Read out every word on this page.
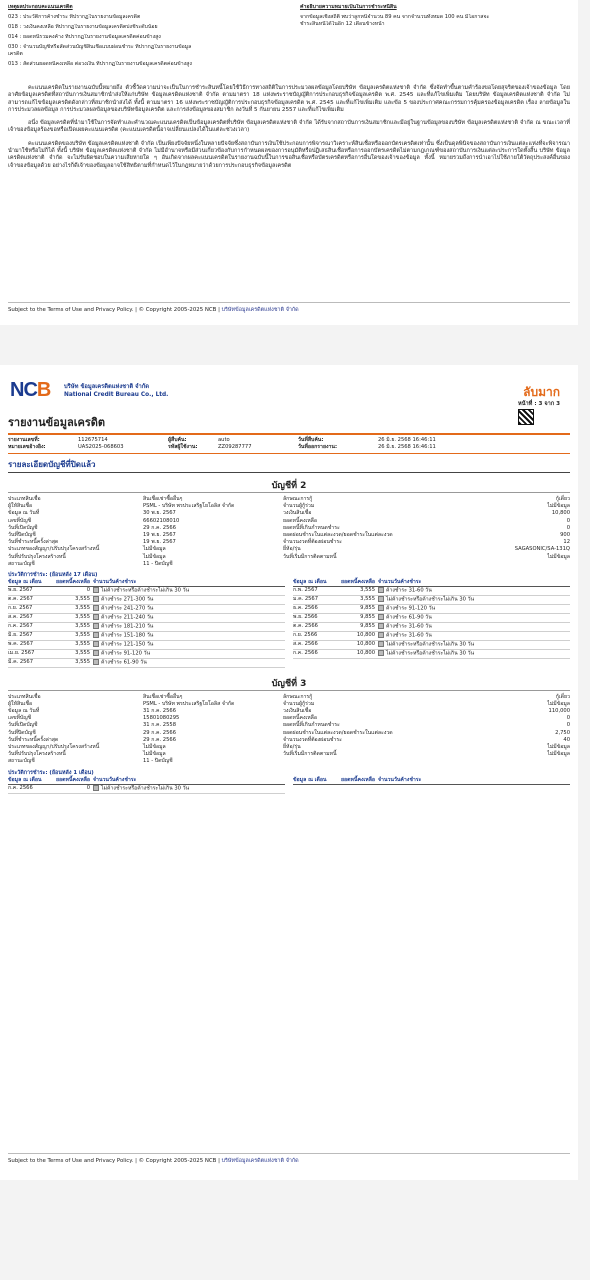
เหตุผลประกอบคะแนนเครดิต
023 : ประวัติการค้างชำระ ที่ปรากฏในรายงานข้อมูลเครดิต
018 : วงเงินคงเหลือ ที่ปรากฏในรายงานข้อมูลเครดิตบ่งชี้ระดับน้อย
014 : ยอดหนี้รวมคงค้าง ที่ปรากฏในรายงานข้อมูลเครดิตค่อนข้างสูง
030 : จำนวนบัญชีหรือสัดส่วนบัญชีสินเชื่อแบบผ่อนชำระ ที่ปรากฏในรายงานข้อมูล
เครดิต
013 : สัดส่วนยอดหนี้คงเหลือ ต่อวงเงิน ที่ปรากฏในรายงานข้อมูลเครดิตค่อนข้างสูง
คำอธิบายความหมายเป็นในการชำระหนี้สิน
จากข้อมูลเชิงสถิติ พบว่าลูกหนี้จำนวน 89 คน จากจำนวนทั้งหมด 100 คน มีโอกาสจะ
ชำระสินหนี้ได้ในอีก 12 เดือนข้างหน้า
คะแนนเครดิตในรายงานฉบับนี้หมายถึง ตัวชี้วัดความน่าจะเป็นในการชำระสินหนี้โดยใช้วิธีการทางสถิติในการประมวลผลข้อมูลโดยบริษัท ข้อมูลเครดิตแห่งชาติ จำกัด ซึ่งจัดทำขึ้นตามคำร้องขอโดยสุจริตของเจ้าของข้อมูล โดยอาศัยข้อมูลเครดิตที่สถาบันการเงินสมาชิกนำส่งให้แก่บริษัท ข้อมูลเครดิตแห่งชาติ จำกัด ตามมาตรา 18 แห่งพระราชบัญญัติการประกอบธุรกิจข้อมูลเครดิต พ.ศ. 2545 และที่แก้ไขเพิ่มเติม โดยบริษัท ข้อมูลเครดิตแห่งชาติ จำกัด ไม่สามารถแก้ไขข้อมูลเครดิตดังกล่าวที่สมาชิกนำส่งได้ ทั้งนี้ ตามมาตรา 16 แห่งพระราชบัญญัติการประกอบธุรกิจข้อมูลเครดิต พ.ศ. 2545 และที่แก้ไขเพิ่มเติม และข้อ 5 ของประกาศคณะกรรมการคุ้มครองข้อมูลเครดิต เรื่อง ลายข้อมูลในการประมวลผลข้อมูล การประมวลผลข้อมูลของบริษัทข้อมูลเครดิต และการส่งข้อมูลของสมาชิก ลงวันที่ 5 กันยายน 2557 และที่แก้ไขเพิ่มเติม
อนึ่ง ข้อมูลเครดิตที่นำมาใช้ในการจัดทำและคำนวณคะแนนเครดิตเป็นข้อมูลเครดิตที่บริษัท ข้อมูลเครดิตแห่งชาติ จำกัด ได้รับจากสถาบันการเงินสมาชิกและมีอยู่ในฐานข้อมูลของบริษัท ข้อมูลเครดิตแห่งชาติ จำกัด ณ ขณะเวลาที่เจ้าของข้อมูลร้องขอหรือเปิดเผยคะแนนเครดิต (คะแนนเครดิตนี้อาจเปลี่ยนแปลงได้ในแต่ละช่วงเวลา)
คะแนนเครดิตของบริษัท ข้อมูลเครดิตแห่งชาติ จำกัด เป็นเพียงปัจจัยหนึ่งในหลายปัจจัยซึ่งสถาบันการเงินใช้ประกอบการพิจารณาวิเคราะห์สินเชื่อหรือออกบัตรเครดิตเท่านั้น ซึ่งเป็นดุลพินิจของสถาบันการเงินแต่ละแห่งที่จะพิจารณานำมาใช้หรือไม่ก็ได้ ทั้งนี้ บริษัท ข้อมูลเครดิตแห่งชาติ จำกัด ไม่มีอำนาจหรือมีส่วนเกี่ยวข้องกับการกำหนดผลของการอนุมัติหรือปฏิเสธสินเชื่อหรือการออกบัตรเครดิตไม่ตามกฎเกณฑ์ของสถาบันการเงินแต่ละประการใดทั้งสิ้น บริษัท ข้อมูลเครดิตแห่งชาติ จำกัด จะไม่รับผิดชอบในความเสียหายใด ๆ อันเกิดจากผลคะแนนเครดิตในรายงานฉบับนี้ในการขอสินเชื่อหรือบัตรเครดิตหรือการอื่นใดของเจ้าของข้อมูล ทั้งนี้ หมายรวมถึงการนำเอาไปใช้ภายใต้วัตถุประสงค์อื่นของเจ้าของข้อมูลด้วย อย่างไรก็ดีเจ้าของข้อมูลอาจใช้สิทธิตามที่กำหนดไว้ในกฎหมายว่าด้วยการประกอบธุรกิจข้อมูลเครดิต
Subject to the Terms of Use and Privacy Policy. | © Copyright 2005-2025 NCB | บริษัทข้อมูลเครดิตแห่งชาติ จำกัด
NCB บริษัท ข้อมูลเครดิตแห่งชาติ จำกัด
National Credit Bureau Co., Ltd.	ลับมาก
หน้าที่ : 3 จาก 3
รายงานข้อมูลเครดิต
รายงานเลขที่:	112675714	ผู้สืบค้น:	auto	วันที่สืบค้น:	26 มิ.ย. 2568 16:46:11
หมายเลขอ้างอิง:	UAS2025-068603	รหัสผู้ใช้งาน:	ZZ09287777	วันที่ออกรายงาน:	26 มิ.ย. 2568 16:46:11
รายละเอียดบัญชีที่ปิดแล้ว
บัญชีที่ 2
ประเภทสินเชื่อ	สินเชื่อเช่าซื้ออื่นๆ	ลักษณะการกู้	กู้เดี่ยว
ผู้ให้สินเชื่อ	PSML - บริษัท พรประเสริฐโยโอลิส จำกัด	จำนวนผู้กู้ร่วม	ไม่มีข้อมูล
ข้อมูล ณ วันที่	30 พ.ย. 2567	วงเงินสินเชื่อ	10,800
เลขที่บัญชี	66602108010	ยอดหนี้คงเหลือ	0
วันที่เปิดบัญชี	29 ก.ค. 2566	ยอดหนี้ที่เกินกำหนดชำระ	0
วันที่ปิดบัญชี	19 พ.ย. 2567	ยอดผ่อนชำระในแต่ละงวด/ยอดชำระในแต่ละงวด	900
วันที่ชำระหนี้ครั้งล่าสุด	19 พ.ย. 2567	จำนวนงวดที่ต้องผ่อนชำระ	12
ประเภทของสัญญา/ปรับปรุงโครงสร้างหนี้	ไม่มีข้อมูล	ยี่ห้อ/รุ่น	SAGASONIC/SA-131Q
วันที่ปรับปรุงโครงสร้างหนี้	ไม่มีข้อมูล	วันที่เริ่มมีการติดตามหนี้	ไม่มีข้อมูล
สถานะบัญชี	11 - ปิดบัญชี
ประวัติการชำระ: (ย้อนหลัง 17 เดือน)
ข้อมูล ณ เดือน	ยอดหนี้คงเหลือ จำนวนวันค้างชำระ
พ.ย. 2567	0	ไม่ค้างชำระหรือค้างชำระไม่เกิน 30 วัน
ต.ค. 2567	3,555	ค้างชำระ 271-300 วัน
ก.ย. 2567	3,555	ค้างชำระ 241-270 วัน
ส.ค. 2567	3,555	ค้างชำระ 211-240 วัน
ก.ค. 2567	3,555	ค้างชำระ 181-210 วัน
มิ.ย. 2567	3,555	ค้างชำระ 151-180 วัน
พ.ค. 2567	3,555	ค้างชำระ 121-150 วัน
เม.ย. 2567	3,555	ค้างชำระ 91-120 วัน
มี.ค. 2567	3,555	ค้างชำระ 61-90 วัน
ข้อมูล ณ เดือน	ยอดหนี้คงเหลือ จำนวนวันค้างชำระ
ก.พ. 2567	3,555	ค้างชำระ 31-60 วัน
ม.ค. 2567	3,555	ไม่ค้างชำระหรือค้างชำระไม่เกิน 30 วัน
ธ.ค. 2566	9,855	ค้างชำระ 91-120 วัน
พ.ย. 2566	9,855	ค้างชำระ 61-90 วัน
ต.ค. 2566	9,855	ค้างชำระ 31-60 วัน
ก.ย. 2566	10,800	ค้างชำระ 31-60 วัน
ส.ค. 2566	10,800	ไม่ค้างชำระหรือค้างชำระไม่เกิน 30 วัน
ก.ค. 2566	10,800	ไม่ค้างชำระหรือค้างชำระไม่เกิน 30 วัน
บัญชีที่ 3
ประเภทสินเชื่อ	สินเชื่อเช่าซื้ออื่นๆ	ลักษณะการกู้	กู้เดี่ยว
ผู้ให้สินเชื่อ	PSML - บริษัท พรประเสริฐโยโอลิส จำกัด	จำนวนผู้กู้ร่วม	ไม่มีข้อมูล
ข้อมูล ณ วันที่	31 ก.ค. 2566	วงเงินสินเชื่อ	110,000
เลขที่บัญชี	15801080295	ยอดหนี้คงเหลือ	0
วันที่เปิดบัญชี	31 ก.ค. 2558	ยอดหนี้ที่เกินกำหนดชำระ	0
วันที่ปิดบัญชี	29 ก.ค. 2566	ยอดผ่อนชำระในแต่ละงวด/ยอดชำระในแต่ละงวด	2,750
วันที่ชำระหนี้ครั้งล่าสุด	29 ก.ค. 2566	จำนวนงวดที่ต้องผ่อนชำระ	40
ประเภทของสัญญา/ปรับปรุงโครงสร้างหนี้	ไม่มีข้อมูล	ยี่ห้อ/รุ่น	ไม่มีข้อมูล
วันที่ปรับปรุงโครงสร้างหนี้	ไม่มีข้อมูล	วันที่เริ่มมีการติดตามหนี้	ไม่มีข้อมูล
สถานะบัญชี	11 - ปิดบัญชี
ประวัติการชำระ: (ย้อนหลัง 1 เดือน)
ข้อมูล ณ เดือน	ยอดหนี้คงเหลือ จำนวนวันค้างชำระ
ก.ค. 2566	0	ไม่ค้างชำระหรือค้างชำระไม่เกิน 30 วัน
ข้อมูล ณ เดือน	ยอดหนี้คงเหลือ จำนวนวันค้างชำระ
Subject to the Terms of Use and Privacy Policy. | © Copyright 2005-2025 NCB | บริษัทข้อมูลเครดิตแห่งชาติ จำกัด
